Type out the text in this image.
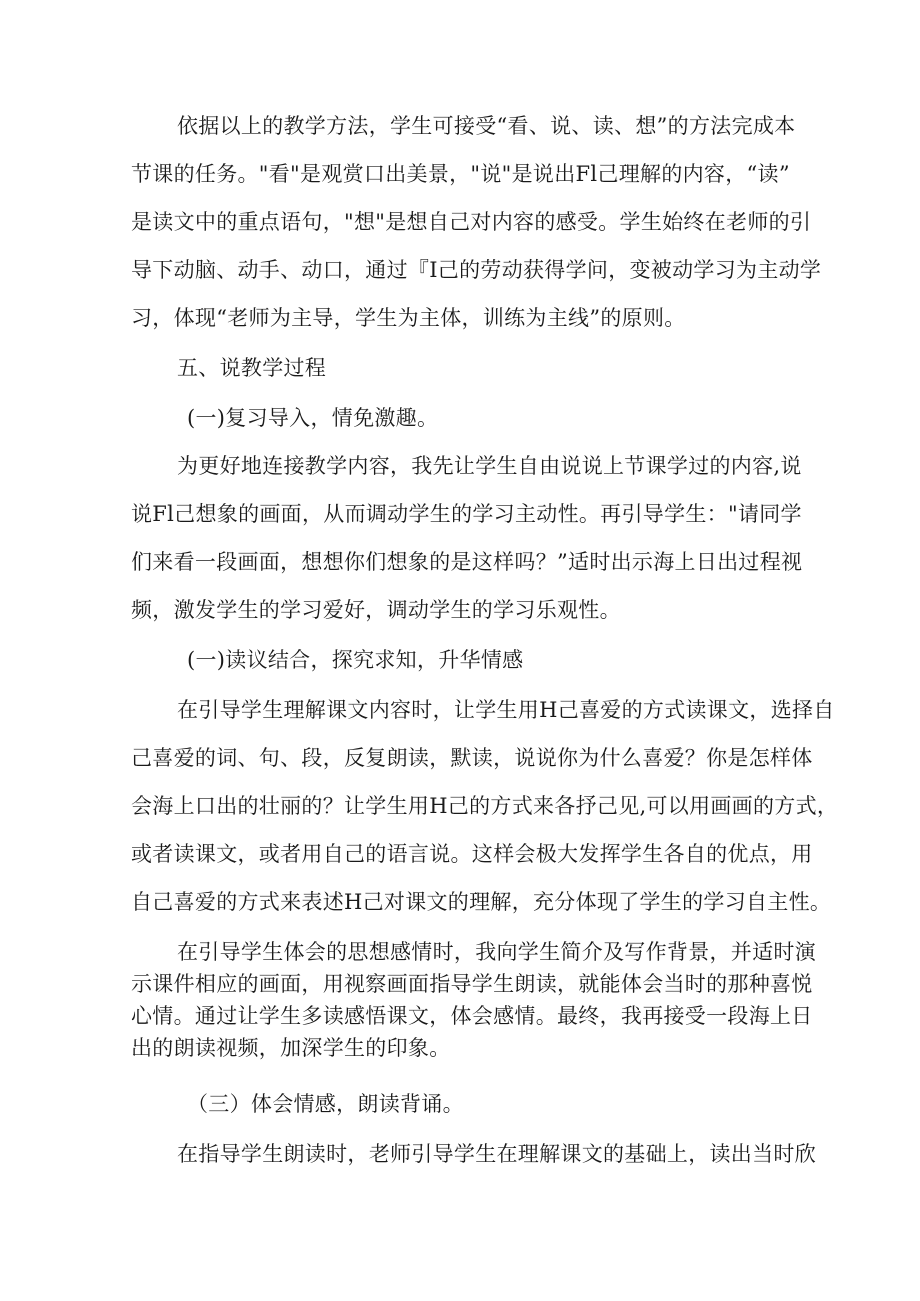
依据以上的教学方法，学生可接受“看、说、读、想”的方法完成本
节课的任务。"看"是观赏口出美景，"说"是说出Fl己理解的内容，“读”
是读文中的重点语句，"想"是想自己对内容的感受。学生始终在老师的引
导下动脑、动手、动口，通过『I己的劳动获得学问，变被动学习为主动学
习，体现“老师为主导，学生为主体，训练为主线”的原则。
五、说教学过程
(一)复习导入，情免激趣。
为更好地连接教学内容，我先让学生自由说说上节课学过的内容,说
说Fl己想象的画面，从而调动学生的学习主动性。再引导学生："请同学
们来看一段画面，想想你们想象的是这样吗？”适时出示海上日出过程视
频，激发学生的学习爱好，调动学生的学习乐观性。
(一)读议结合，探究求知，升华情感
在引导学生理解课文内容时，让学生用H己喜爱的方式读课文，选择自
己喜爱的词、句、段，反复朗读，默读，说说你为什么喜爱？你是怎样体
会海上口出的壮丽的？让学生用H己的方式来各抒己见,可以用画画的方式，
或者读课文，或者用自己的语言说。这样会极大发挥学生各自的优点，用
自己喜爱的方式来表述H己对课文的理解，充分体现了学生的学习自主性。
在引导学生体会的思想感情时，我向学生简介及写作背景，并适时演
示课件相应的画面，用视察画面指导学生朗读，就能体会当时的那种喜悦
心情。通过让学生多读感悟课文，体会感情。最终，我再接受一段海上日
出的朗读视频，加深学生的印象。
（三）体会情感，朗读背诵。
在指导学生朗读时，老师引导学生在理解课文的基础上，读出当时欣
